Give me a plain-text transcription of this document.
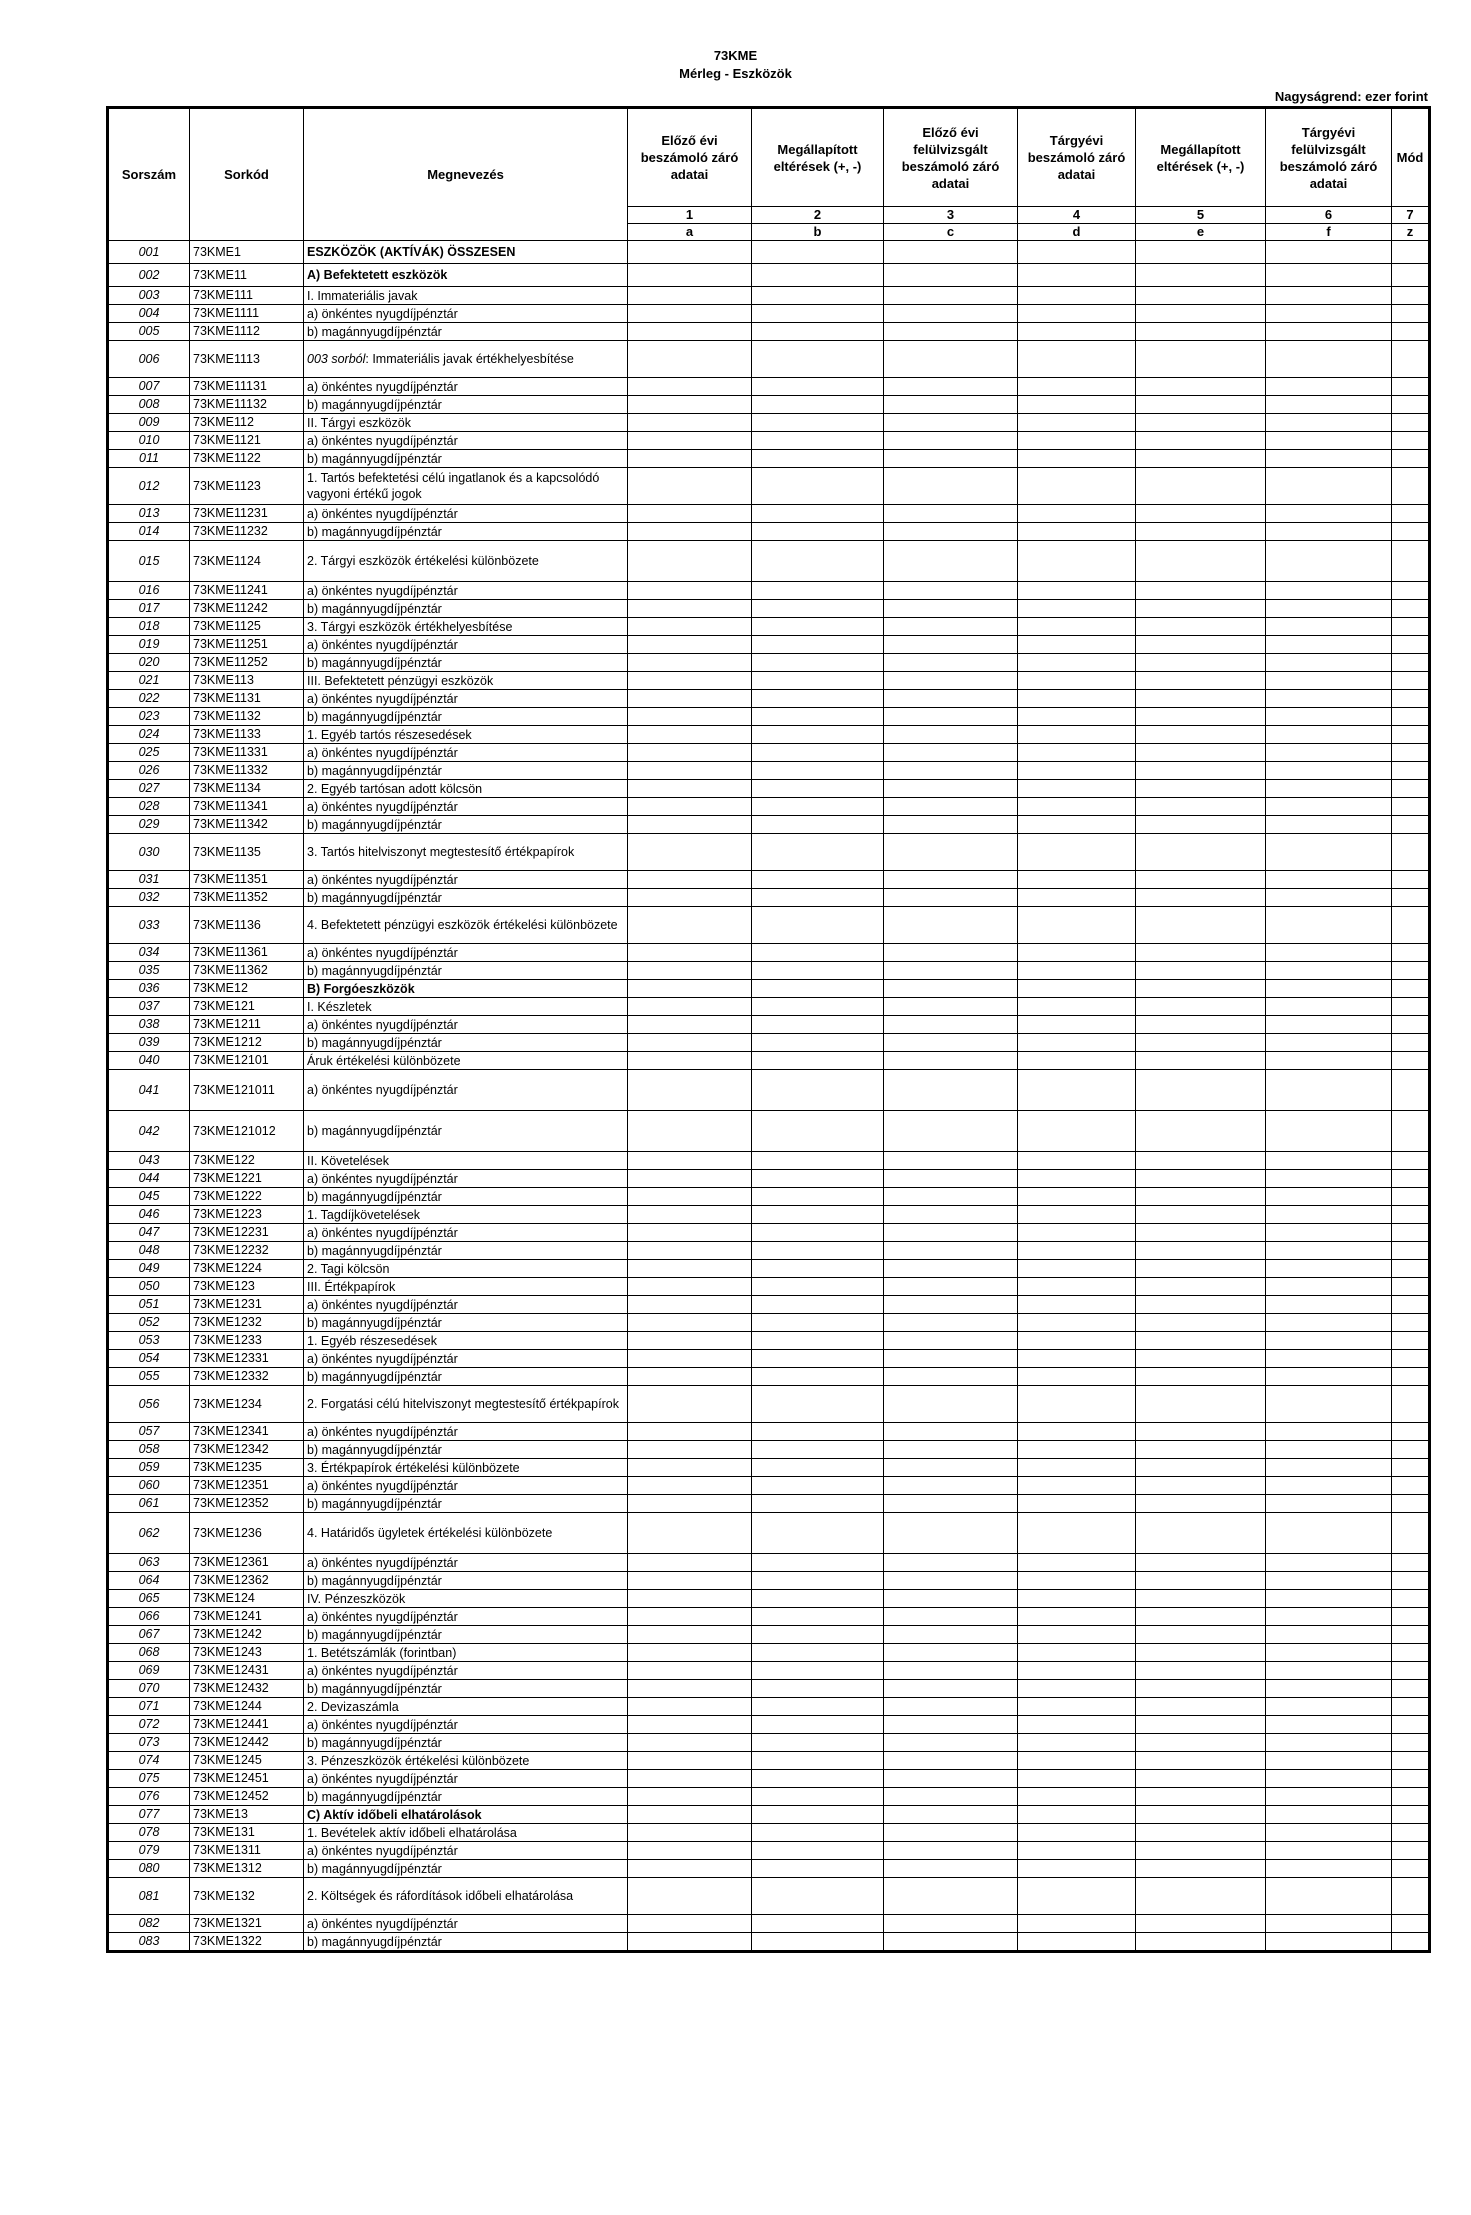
73KME
Mérleg - Eszközök
Nagyságrend: ezer forint
Sorszám	Sorkód	Megnevezés	Előző évi beszámoló záró adatai	Megállapított eltérések (+, -)	Előző évi felülvizsgált beszámoló záró adatai	Tárgyévi beszámoló záró adatai	Megállapított eltérések (+, -)	Tárgyévi felülvizsgált beszámoló záró adatai	Mód
			1	2	3	4	5	6	7
			a	b	c	d	e	f	z
001	73KME1	ESZKÖZÖK (AKTÍVÁK) ÖSSZESEN							
002	73KME11	A) Befektetett eszközök							
003	73KME111	I. Immateriális javak							
004	73KME1111	a) önkéntes nyugdíjpénztár							
005	73KME1112	b) magánnyugdíjpénztár							
006	73KME1113	003 sorból: Immateriális javak értékhelyesbítése							
007	73KME11131	a) önkéntes nyugdíjpénztár							
008	73KME11132	b) magánnyugdíjpénztár							
009	73KME112	II. Tárgyi eszközök							
010	73KME1121	a) önkéntes nyugdíjpénztár							
011	73KME1122	b) magánnyugdíjpénztár							
012	73KME1123	1. Tartós befektetési célú ingatlanok és a kapcsolódó vagyoni értékű jogok							
013	73KME11231	a) önkéntes nyugdíjpénztár							
014	73KME11232	b) magánnyugdíjpénztár							
015	73KME1124	2. Tárgyi eszközök értékelési különbözete							
016	73KME11241	a) önkéntes nyugdíjpénztár							
017	73KME11242	b) magánnyugdíjpénztár							
018	73KME1125	3. Tárgyi eszközök értékhelyesbítése							
019	73KME11251	a) önkéntes nyugdíjpénztár							
020	73KME11252	b) magánnyugdíjpénztár							
021	73KME113	III. Befektetett pénzügyi eszközök							
022	73KME1131	a) önkéntes nyugdíjpénztár							
023	73KME1132	b) magánnyugdíjpénztár							
024	73KME1133	1. Egyéb tartós részesedések							
025	73KME11331	a) önkéntes nyugdíjpénztár							
026	73KME11332	b) magánnyugdíjpénztár							
027	73KME1134	2. Egyéb tartósan adott kölcsön							
028	73KME11341	a) önkéntes nyugdíjpénztár							
029	73KME11342	b) magánnyugdíjpénztár							
030	73KME1135	3. Tartós hitelviszonyt megtestesítő értékpapírok							
031	73KME11351	a) önkéntes nyugdíjpénztár							
032	73KME11352	b) magánnyugdíjpénztár							
033	73KME1136	4. Befektetett pénzügyi eszközök értékelési különbözete							
034	73KME11361	a) önkéntes nyugdíjpénztár							
035	73KME11362	b) magánnyugdíjpénztár							
036	73KME12	B) Forgóeszközök							
037	73KME121	I. Készletek							
038	73KME1211	a) önkéntes nyugdíjpénztár							
039	73KME1212	b) magánnyugdíjpénztár							
040	73KME12101	Áruk értékelési különbözete							
041	73KME121011	a) önkéntes nyugdíjpénztár							
042	73KME121012	b) magánnyugdíjpénztár							
043	73KME122	II. Követelések							
044	73KME1221	a) önkéntes nyugdíjpénztár							
045	73KME1222	b) magánnyugdíjpénztár							
046	73KME1223	1. Tagdíjkövetelések							
047	73KME12231	a) önkéntes nyugdíjpénztár							
048	73KME12232	b) magánnyugdíjpénztár							
049	73KME1224	2. Tagi kölcsön							
050	73KME123	III. Értékpapírok							
051	73KME1231	a) önkéntes nyugdíjpénztár							
052	73KME1232	b) magánnyugdíjpénztár							
053	73KME1233	1. Egyéb részesedések							
054	73KME12331	a) önkéntes nyugdíjpénztár							
055	73KME12332	b) magánnyugdíjpénztár							
056	73KME1234	2. Forgatási célú hitelviszonyt megtestesítő értékpapírok							
057	73KME12341	a) önkéntes nyugdíjpénztár							
058	73KME12342	b) magánnyugdíjpénztár							
059	73KME1235	3. Értékpapírok értékelési különbözete							
060	73KME12351	a) önkéntes nyugdíjpénztár							
061	73KME12352	b) magánnyugdíjpénztár							
062	73KME1236	4. Határidős ügyletek értékelési különbözete							
063	73KME12361	a) önkéntes nyugdíjpénztár							
064	73KME12362	b) magánnyugdíjpénztár							
065	73KME124	IV. Pénzeszközök							
066	73KME1241	a) önkéntes nyugdíjpénztár							
067	73KME1242	b) magánnyugdíjpénztár							
068	73KME1243	1. Betétszámlák (forintban)							
069	73KME12431	a) önkéntes nyugdíjpénztár							
070	73KME12432	b) magánnyugdíjpénztár							
071	73KME1244	2. Devizaszámla							
072	73KME12441	a) önkéntes nyugdíjpénztár							
073	73KME12442	b) magánnyugdíjpénztár							
074	73KME1245	3. Pénzeszközök értékelési különbözete							
075	73KME12451	a) önkéntes nyugdíjpénztár							
076	73KME12452	b) magánnyugdíjpénztár							
077	73KME13	C) Aktív időbeli elhatárolások							
078	73KME131	1. Bevételek aktív időbeli elhatárolása							
079	73KME1311	a) önkéntes nyugdíjpénztár							
080	73KME1312	b) magánnyugdíjpénztár							
081	73KME132	2. Költségek és ráfordítások időbeli elhatárolása							
082	73KME1321	a) önkéntes nyugdíjpénztár							
083	73KME1322	b) magánnyugdíjpénztár							
